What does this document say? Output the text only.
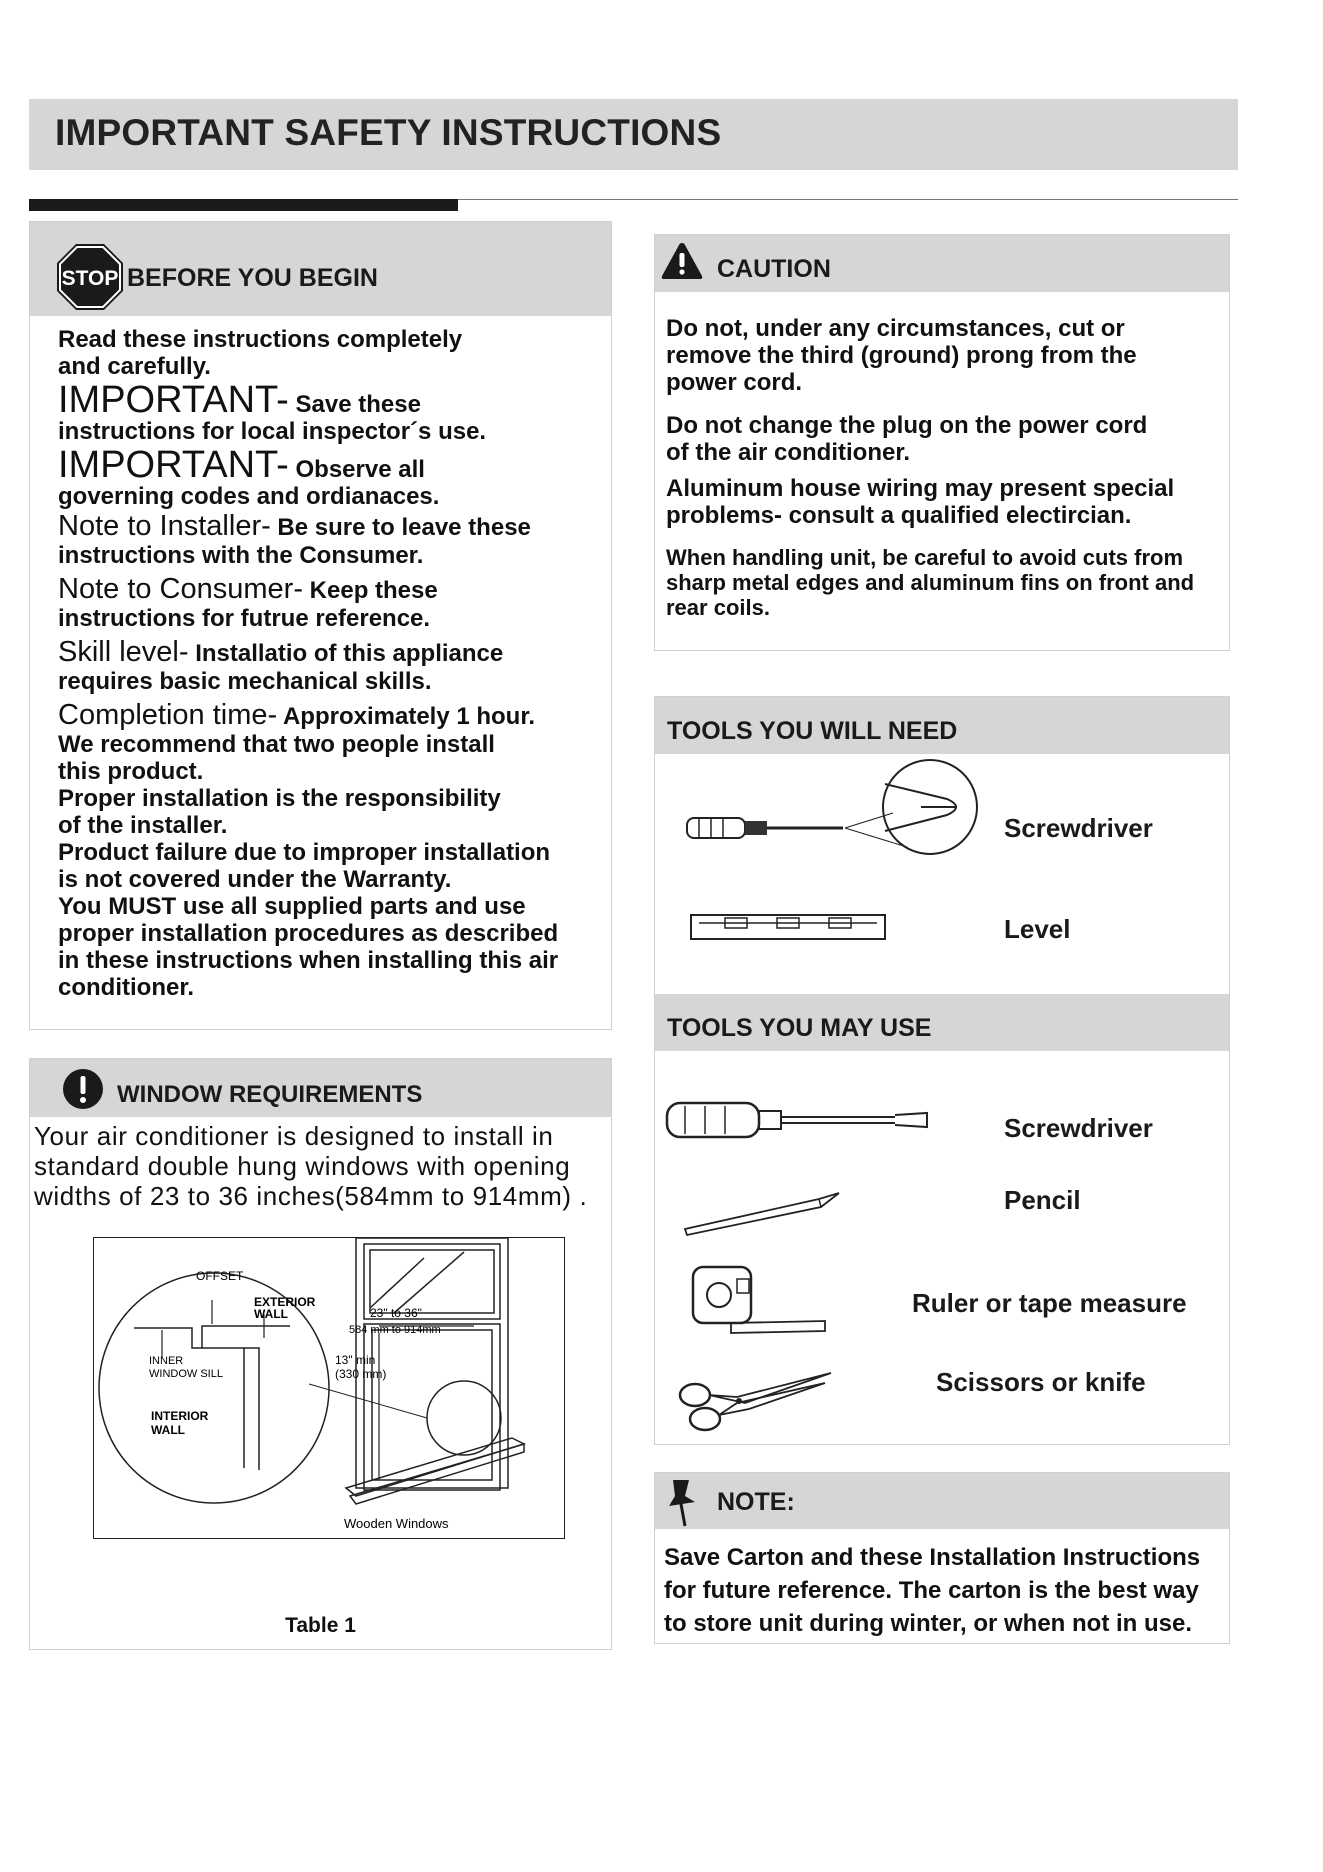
IMPORTANT SAFETY INSTRUCTIONS
STOP BEFORE YOU BEGIN

Read these instructions completely

and carefully.

IMPORTANT- Save these

instructions for local inspector´s use.

IMPORTANT- Observe all

governing codes and ordianaces.

Note to Installer- Be sure to leave these

instructions with the Consumer.

Note to Consumer- Keep these

instructions for futrue reference.

Skill level- Installatio of this appliance

requires basic mechanical skills.

Completion time- Approximately 1 hour.

We recommend that two people install

this product.

Proper installation is the responsibility

of the installer.

Product failure due to improper installation

is not covered under the Warranty.

You MUST use all supplied parts and use

proper installation procedures as described

in these instructions when installing this air

conditioner.

WINDOW REQUIREMENTS
Your air conditioner is designed to install in
standard double hung windows with opening
widths of 23 to 36 inches(584mm to 914mm) .
OFFSET
EXTERIOR
WALL
INNER
WINDOW SILL
INTERIOR
WALL
23" to 36"
584 mm to 914mm
13" min
(330 mm)
Wooden Windows
Table 1
CAUTION

Do not, under any circumstances, cut or

remove the third (ground) prong from the

power cord.

Do not change the plug on the power cord

of the air conditioner.

Aluminum house wiring may present special

problems- consult a qualified electircian.

When handling unit, be careful to avoid cuts from

sharp metal edges and aluminum fins on front and

rear coils.

TOOLS YOU WILL NEED
Screwdriver
Level
TOOLS YOU MAY USE
Screwdriver
Pencil
Ruler or tape measure
Scissors or knife
NOTE:
Save Carton and these Installation Instructions
for future reference. The carton is the best way
to store unit during winter, or when not in use.
